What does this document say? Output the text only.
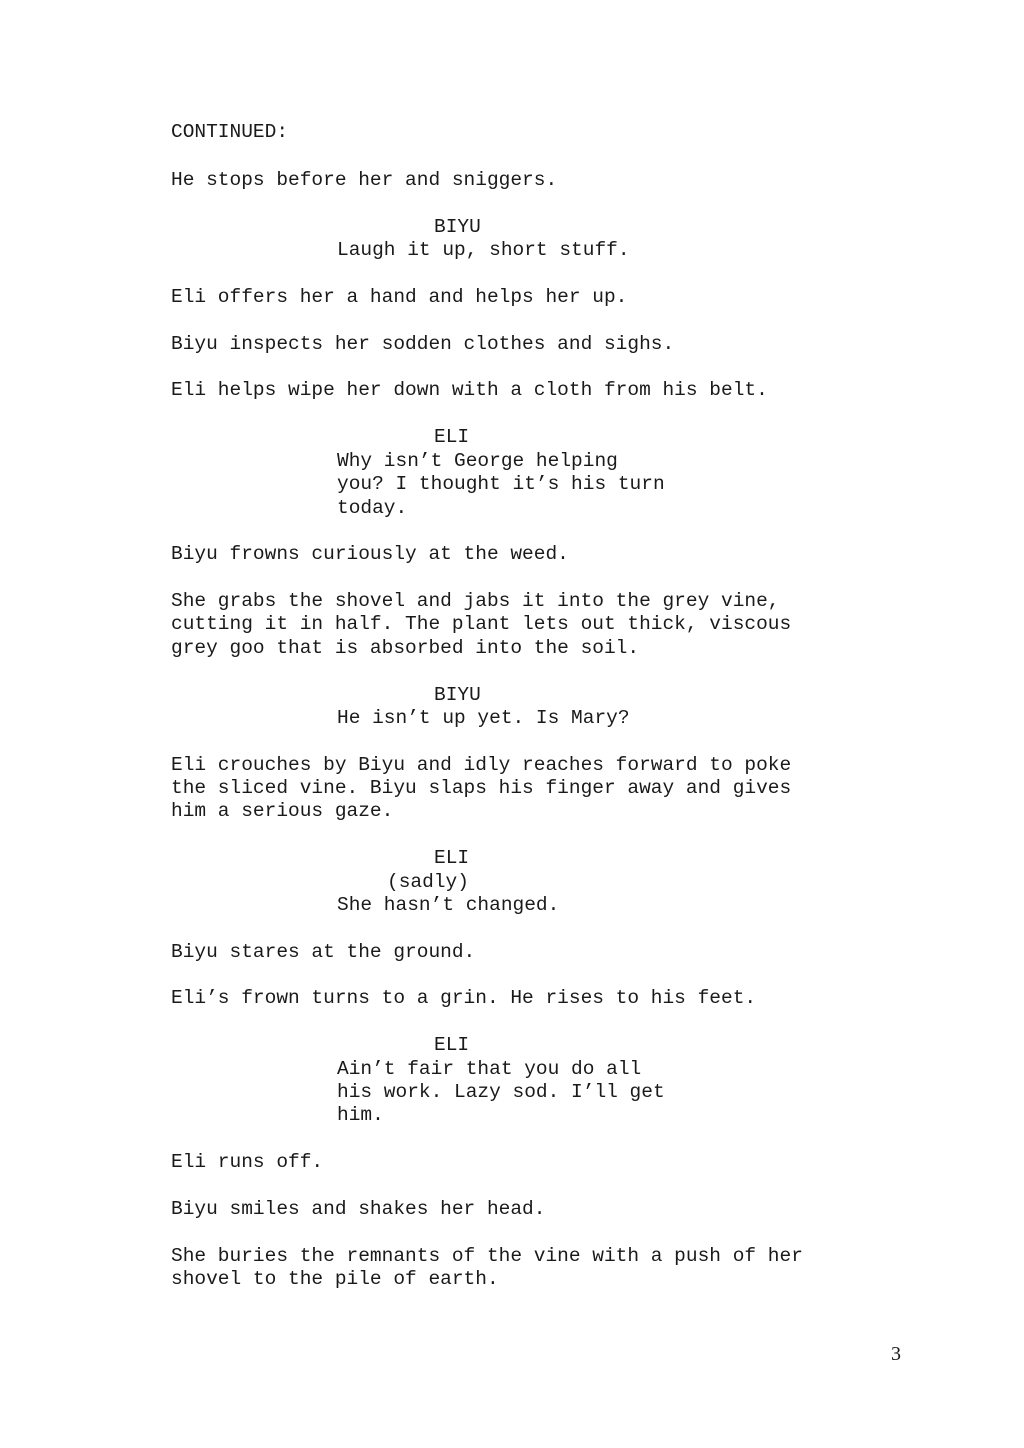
CONTINUED:
He stops before her and sniggers.
BIYU
Laugh it up, short stuff.
Eli offers her a hand and helps her up.
Biyu inspects her sodden clothes and sighs.
Eli helps wipe her down with a cloth from his belt.
ELI
Why isn’t George helping
you? I thought it’s his turn
today.
Biyu frowns curiously at the weed.
She grabs the shovel and jabs it into the grey vine,
cutting it in half. The plant lets out thick, viscous
grey goo that is absorbed into the soil.
BIYU
He isn’t up yet. Is Mary?
Eli crouches by Biyu and idly reaches forward to poke
the sliced vine. Biyu slaps his finger away and gives
him a serious gaze.
ELI
(sadly)
She hasn’t changed.
Biyu stares at the ground.
Eli’s frown turns to a grin. He rises to his feet.
ELI
Ain’t fair that you do all
his work. Lazy sod. I’ll get
him.
Eli runs off.
Biyu smiles and shakes her head.
She buries the remnants of the vine with a push of her
shovel to the pile of earth.
3
